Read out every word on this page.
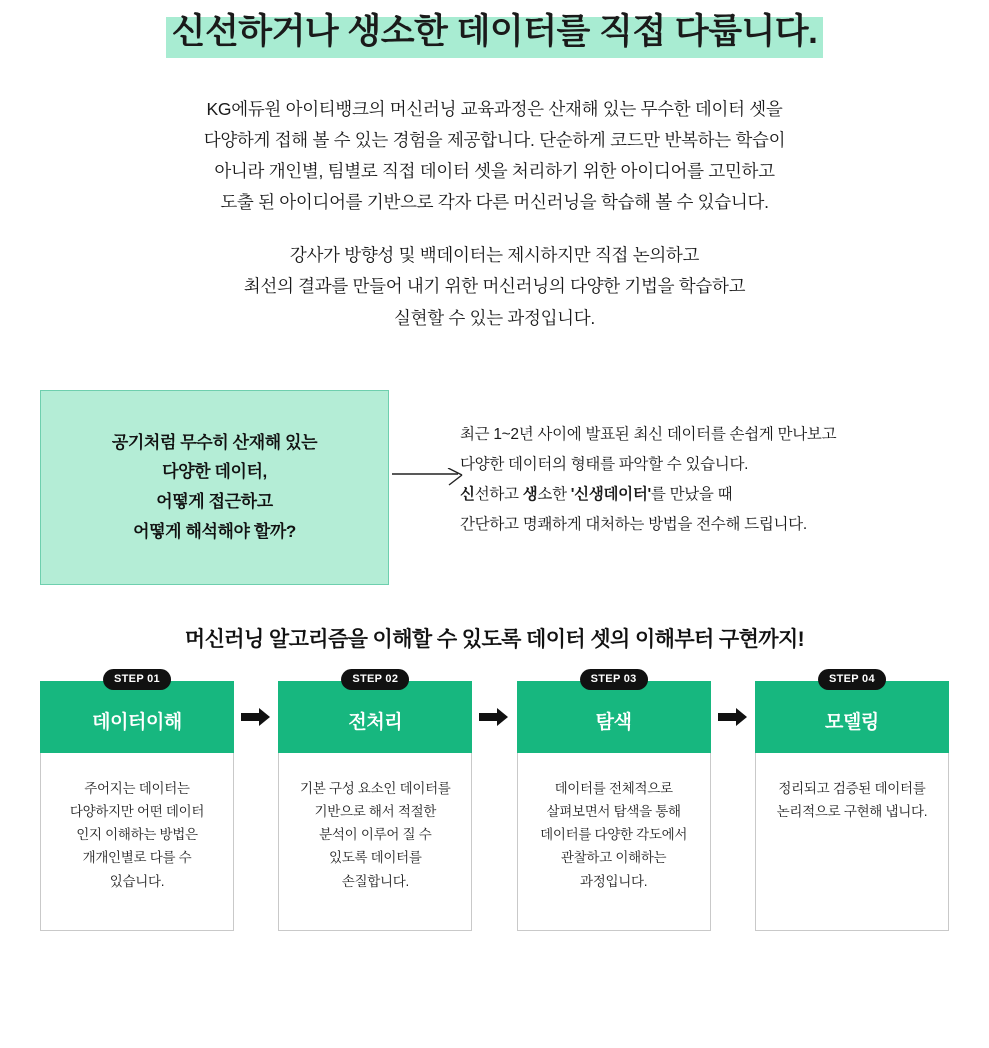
신선하거나 생소한 데이터를 직접 다룹니다.

KG에듀원 아이티뱅크의 머신러닝 교육과정은 산재해 있는 무수한 데이터 셋을
다양하게 접해 볼 수 있는 경험을 제공합니다. 단순하게 코드만 반복하는 학습이
아니라 개인별, 팀별로 직접 데이터 셋을 처리하기 위한 아이디어를 고민하고
도출 된 아이디어를 기반으로 각자 다른 머신러닝을 학습해 볼 수 있습니다.

강사가 방향성 및 백데이터는 제시하지만 직접 논의하고
최선의 결과를 만들어 내기 위한 머신러닝의 다양한 기법을 학습하고
실현할 수 있는 과정입니다.

공기처럼 무수히 산재해 있는
다양한 데이터,
어떻게 접근하고
어떻게 해석해야 할까?
최근 1~2년 사이에 발표된 최신 데이터를 손쉽게 만나보고
다양한 데이터의 형태를 파악할 수 있습니다.
신선하고 생소한 '신생데이터'를 만났을 때
간단하고 명쾌하게 대처하는 방법을 전수해 드립니다.
머신러닝 알고리즘을 이해할 수 있도록 데이터 셋의 이해부터 구현까지!
STEP 01
데이터이해
주어지는 데이터는
다양하지만 어떤 데이터
인지 이해하는 방법은
개개인별로 다를 수
있습니다.
STEP 02
전처리
기본 구성 요소인 데이터를
기반으로 해서 적절한
분석이 이루어 질 수
있도록 데이터를
손질합니다.
STEP 03
탐색
데이터를 전체적으로
살펴보면서 탐색을 통해
데이터를 다양한 각도에서
관찰하고 이해하는
과정입니다.
STEP 04
모델링
정리되고 검증된 데이터를
논리적으로 구현해 냅니다.
